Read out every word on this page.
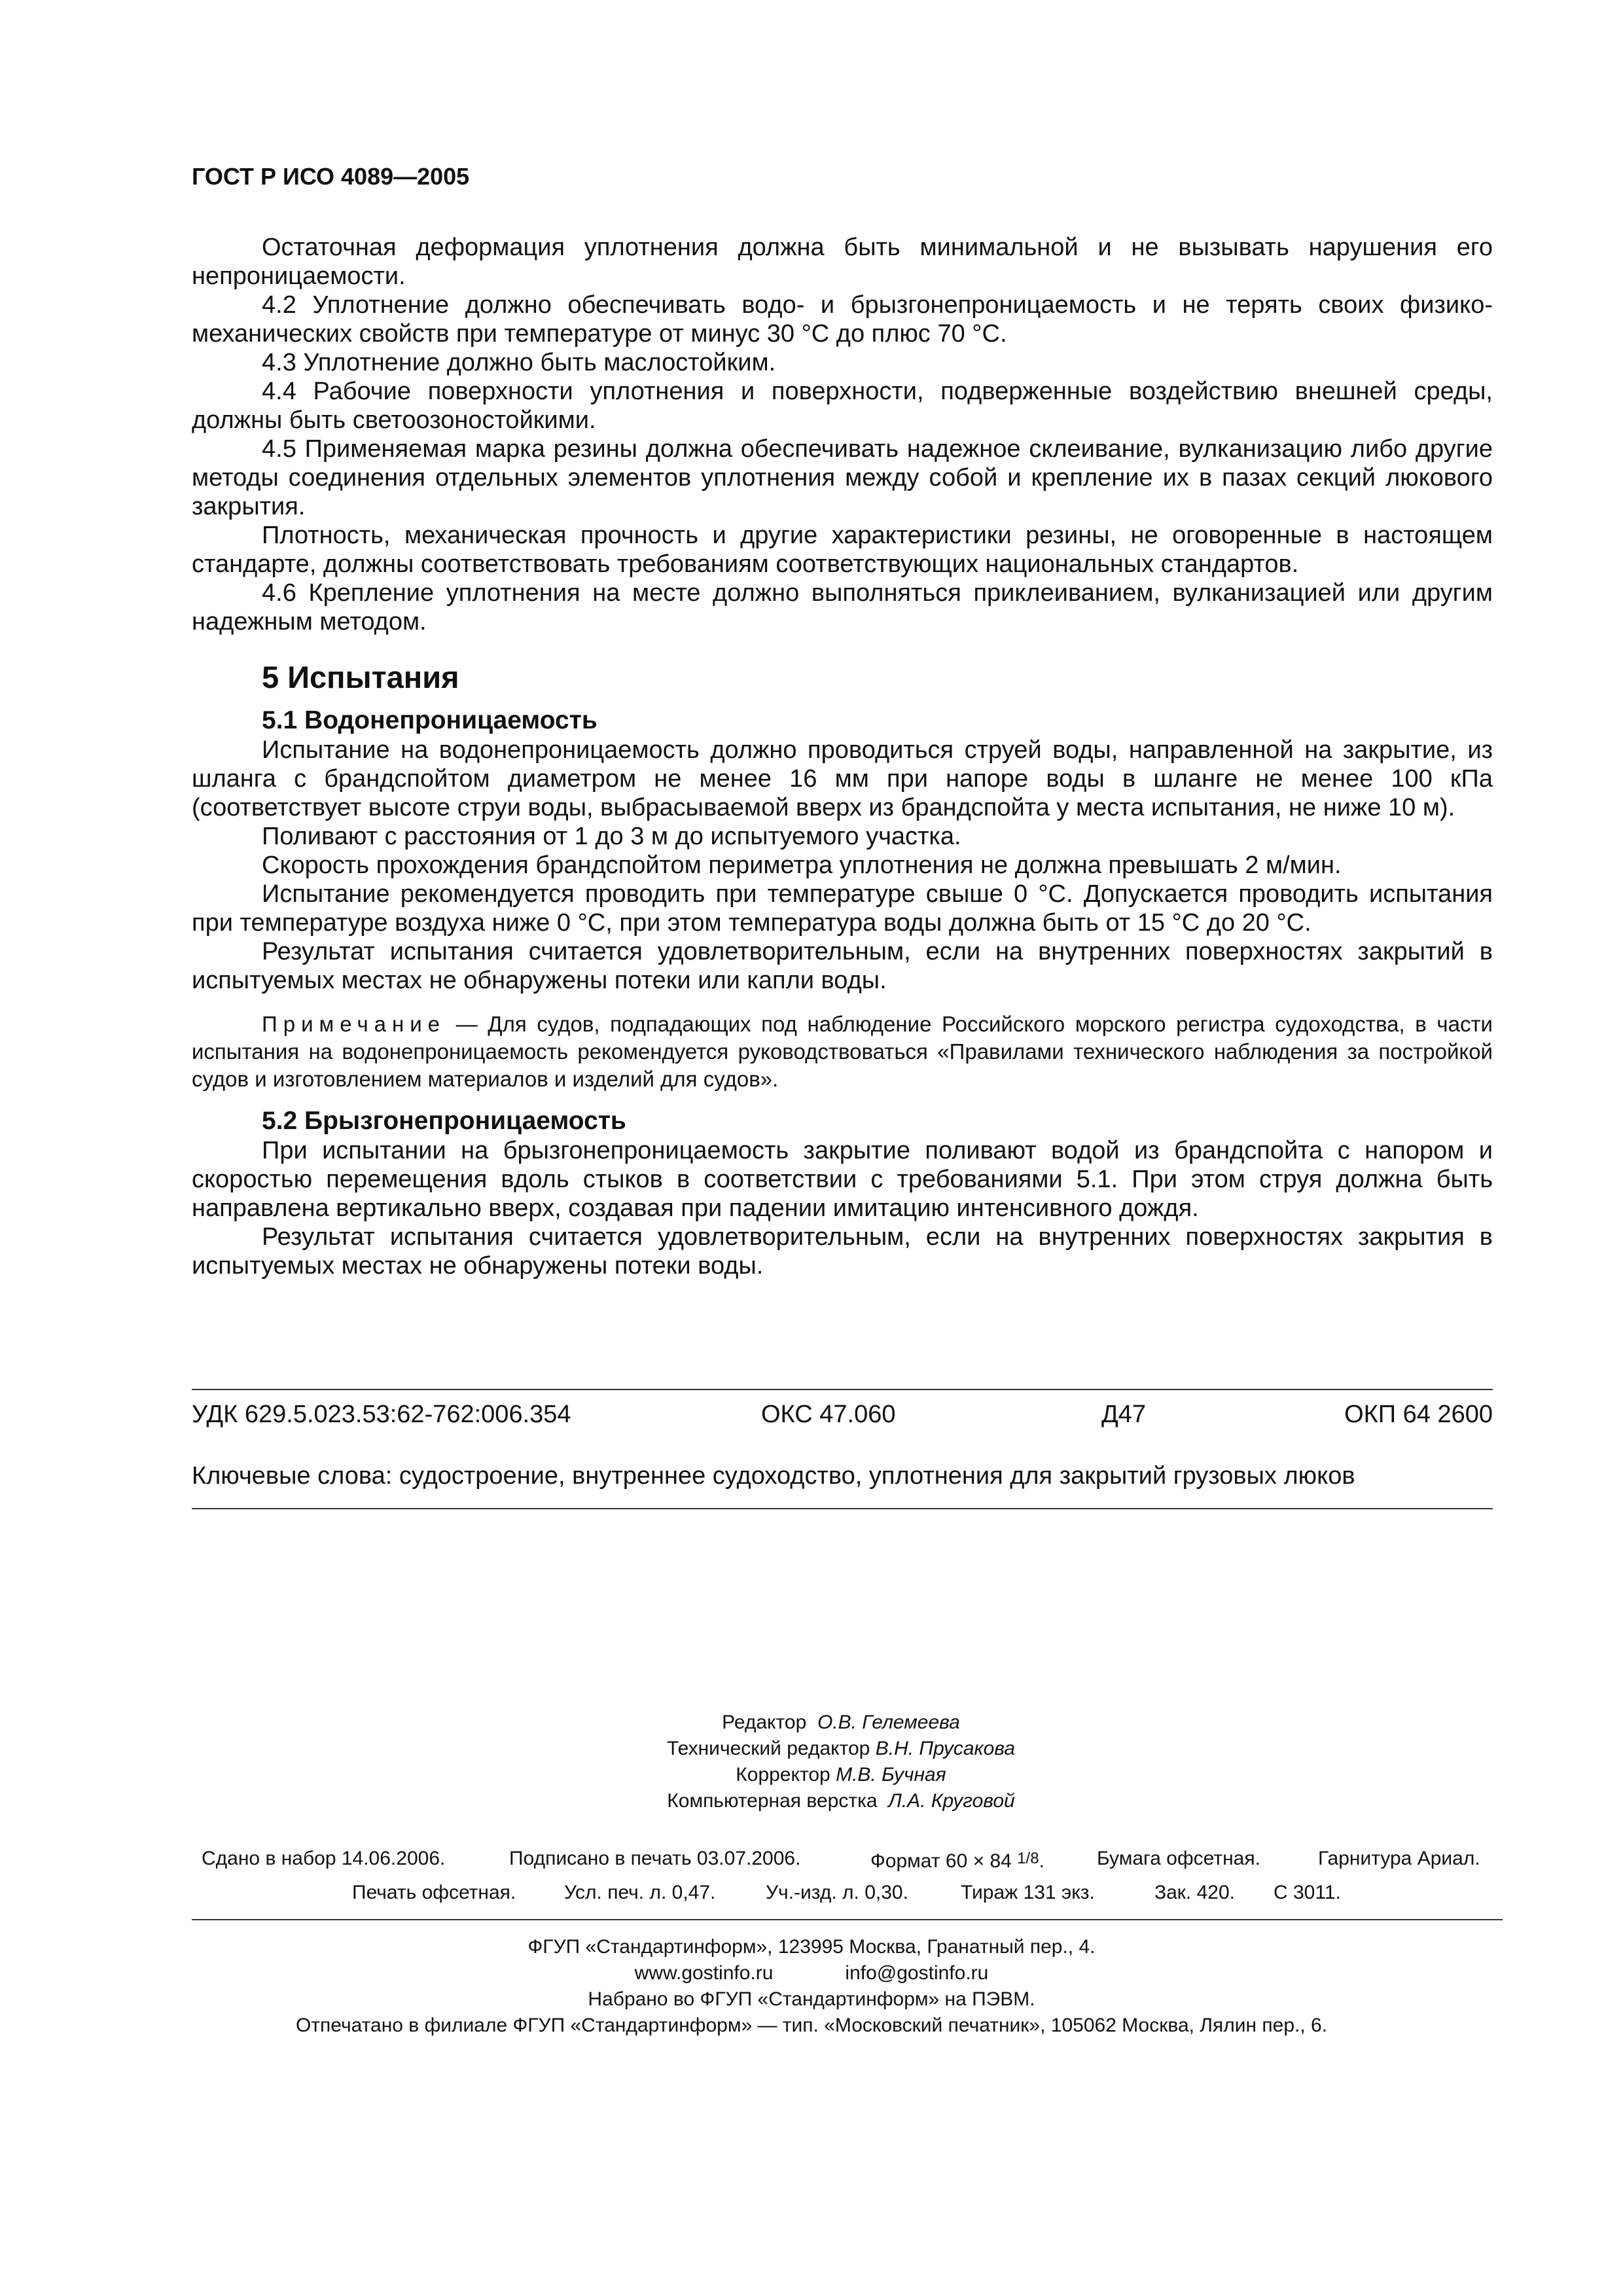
ГОСТ Р ИСО 4089—2005

Остаточная деформация уплотнения должна быть минимальной и не вызывать нарушения его непроницаемости.

4.2 Уплотнение должно обеспечивать водо- и брызгонепроницаемость и не терять своих физико-механических свойств при температуре от минус 30 °С до плюс 70 °С.

4.3 Уплотнение должно быть маслостойким.

4.4 Рабочие поверхности уплотнения и поверхности, подверженные воздействию внешней среды, должны быть светоозоностойкими.

4.5 Применяемая марка резины должна обеспечивать надежное склеивание, вулканизацию либо другие методы соединения отдельных элементов уплотнения между собой и крепление их в пазах секций люкового закрытия.

Плотность, механическая прочность и другие характеристики резины, не оговоренные в настоящем стандарте, должны соответствовать требованиям соответствующих национальных стандартов.

4.6 Крепление уплотнения на месте должно выполняться приклеиванием, вулканизацией или другим надежным методом.

5 Испытания
5.1 Водонепроницаемость

Испытание на водонепроницаемость должно проводиться струей воды, направленной на закрытие, из шланга с брандспойтом диаметром не менее 16 мм при напоре воды в шланге не менее 100 кПа (соответствует высоте струи воды, выбрасываемой вверх из брандспойта у места испытания, не ниже 10 м).

Поливают с расстояния от 1 до 3 м до испытуемого участка.

Скорость прохождения брандспойтом периметра уплотнения не должна превышать 2 м/мин.

Испытание рекомендуется проводить при температуре свыше 0 °С. Допускается проводить испытания при температуре воздуха ниже 0 °С, при этом температура воды должна быть от 15 °С до 20 °С.

Результат испытания считается удовлетворительным, если на внутренних поверхностях закрытий в испытуемых местах не обнаружены потеки или капли воды.

Примечание — Для судов, подпадающих под наблюдение Российского морского регистра судоходства, в части испытания на водонепроницаемость рекомендуется руководствоваться «Правилами технического наблюдения за постройкой судов и изготовлением материалов и изделий для судов».
5.2 Брызгонепроницаемость

При испытании на брызгонепроницаемость закрытие поливают водой из брандспойта с напором и скоростью перемещения вдоль стыков в соответствии с требованиями 5.1. При этом струя должна быть направлена вертикально вверх, создавая при падении имитацию интенсивного дождя.

Результат испытания считается удовлетворительным, если на внутренних поверхностях закрытия в испытуемых местах не обнаружены потеки воды.

УДК 629.5.023.53:62-762:006.354	ОКС 47.060	Д47	ОКП 64 2600
Ключевые слова: судостроение, внутреннее судоходство, уплотнения для закрытий грузовых люков
Редактор О.В. Гелемеева
Технический редактор В.Н. Прусакова
Корректор М.В. Бучная
Компьютерная верстка Л.А. Круговой
Сдано в набор 14.06.2006.	Подписано в печать 03.07.2006.	Формат 60 × 84 $^{1/8}$.	Бумага офсетная.	Гарнитура Ариал.
Печать офсетная. Усл. печ. л. 0,47.	Уч.-изд. л. 0,30.	Тираж 131 экз.	Зак. 420. С 3011.
ФГУП «Стандартинформ», 123995 Москва, Гранатный пер., 4.
www.gostinfo.ru	info@gostinfo.ru
Набрано во ФГУП «Стандартинформ» на ПЭВМ.
Отпечатано в филиале ФГУП «Стандартинформ» — тип. «Московский печатник», 105062 Москва, Лялин пер., 6.
